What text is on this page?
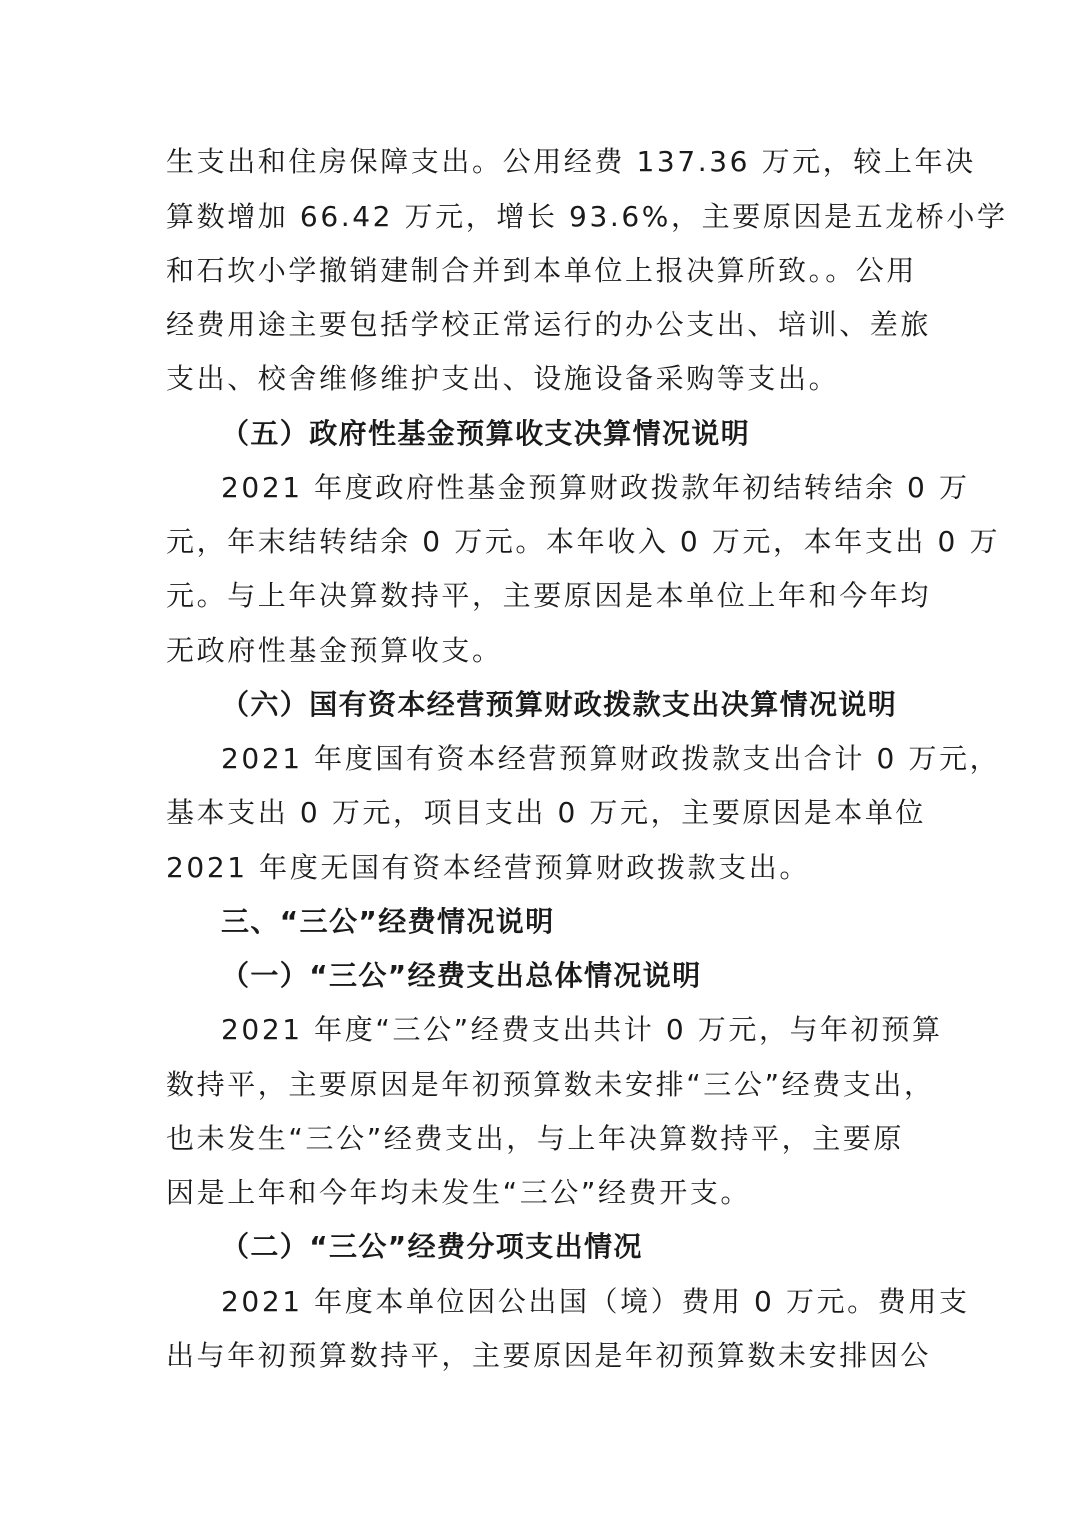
生支出和住房保障支出。公用经费 137.36 万元，较上年决
算数增加 66.42 万元，增长 93.6%，主要原因是五龙桥小学
和石坎小学撤销建制合并到本单位上报决算所致。。公用
经费用途主要包括学校正常运行的办公支出、培训、差旅
支出、校舍维修维护支出、设施设备采购等支出。
（五）政府性基金预算收支决算情况说明
2021 年度政府性基金预算财政拨款年初结转结余 0 万
元，年末结转结余 0 万元。本年收入 0 万元，本年支出 0 万
元。与上年决算数持平，主要原因是本单位上年和今年均
无政府性基金预算收支。
（六）国有资本经营预算财政拨款支出决算情况说明
2021 年度国有资本经营预算财政拨款支出合计 0 万元，
基本支出 0 万元，项目支出 0 万元，主要原因是本单位
2021 年度无国有资本经营预算财政拨款支出。
三、“三公”经费情况说明
（一）“三公”经费支出总体情况说明
2021 年度“三公”经费支出共计 0 万元，与年初预算
数持平，主要原因是年初预算数未安排“三公”经费支出，
也未发生“三公”经费支出，与上年决算数持平，主要原
因是上年和今年均未发生“三公”经费开支。
（二）“三公”经费分项支出情况
2021 年度本单位因公出国（境）费用 0 万元。费用支
出与年初预算数持平，主要原因是年初预算数未安排因公
